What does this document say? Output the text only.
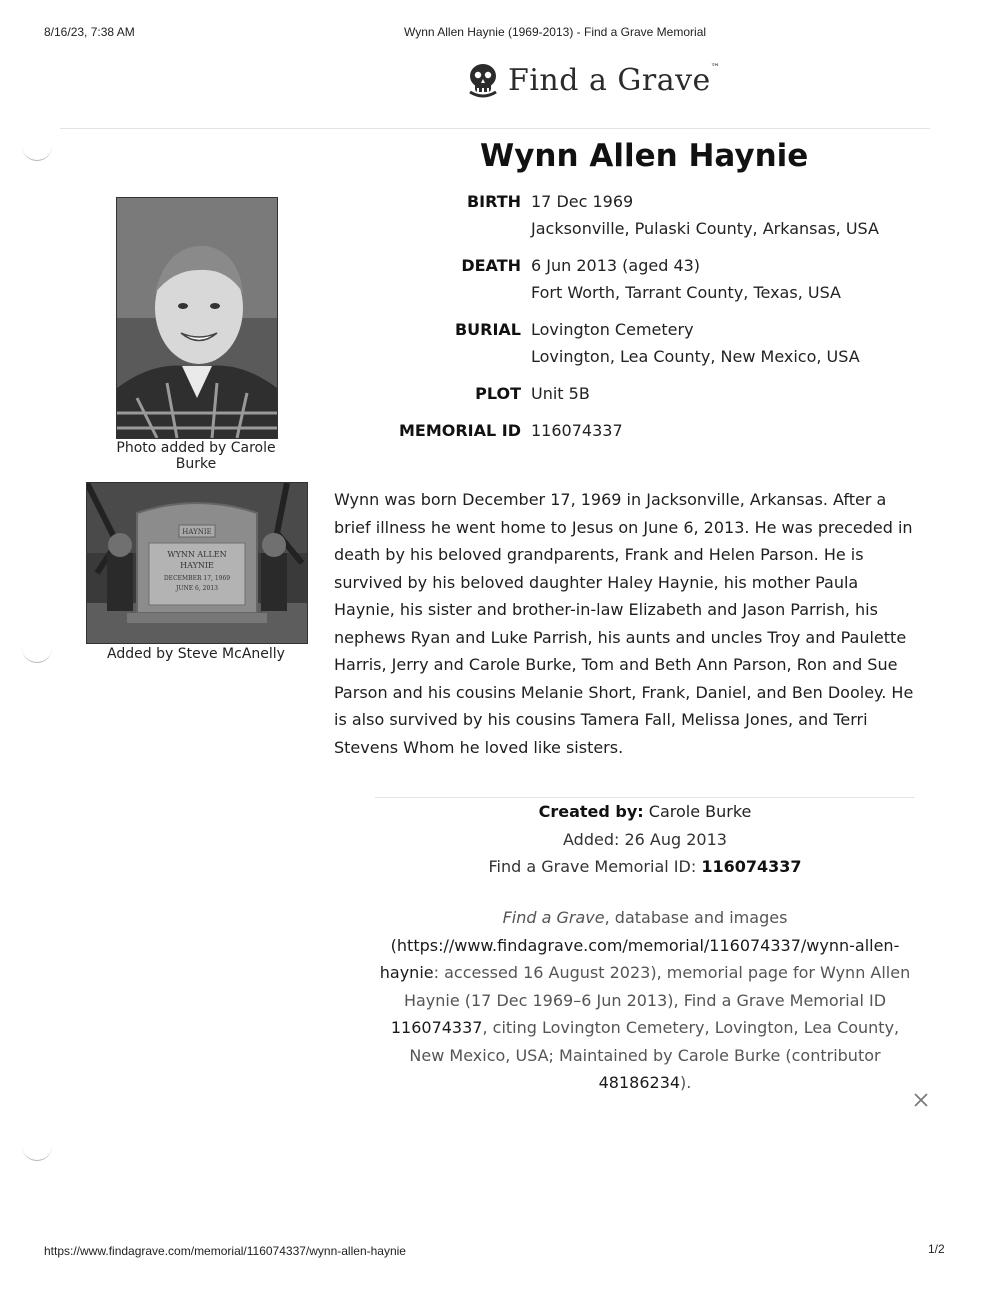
8/16/23, 7:38 AM	Wynn Allen Haynie (1969-2013) - Find a Grave Memorial
Find a Grave™
Wynn Allen Haynie
BIRTH 17 Dec 1969
Jacksonville, Pulaski County, Arkansas, USA
DEATH 6 Jun 2013 (aged 43)
Fort Worth, Tarrant County, Texas, USA
BURIAL Lovington Cemetery
Lovington, Lea County, New Mexico, USA
PLOT Unit 5B
MEMORIAL ID 116074337
Photo added by Carole Burke
HAYNIE
WYNN ALLEN
HAYNIE
DECEMBER 17, 1969
JUNE 6, 2013
Added by Steve McAnelly
Wynn was born December 17, 1969 in Jacksonville, Arkansas. After a brief illness he went home to Jesus on June 6, 2013. He was preceded in death by his beloved grandparents, Frank and Helen Parson. He is survived by his beloved daughter Haley Haynie, his mother Paula Haynie, his sister and brother-in-law Elizabeth and Jason Parrish, his nephews Ryan and Luke Parrish, his aunts and uncles Troy and Paulette Harris, Jerry and Carole Burke, Tom and Beth Ann Parson, Ron and Sue Parson and his cousins Melanie Short, Frank, Daniel, and Ben Dooley. He is also survived by his cousins Tamera Fall, Melissa Jones, and Terri Stevens Whom he loved like sisters.
Created by: Carole Burke
Added: 26 Aug 2013
Find a Grave Memorial ID: 116074337
Find a Grave, database and images
(https://www.findagrave.com/memorial/116074337/wynn-allen-haynie: accessed 16 August 2023), memorial page for Wynn Allen Haynie (17 Dec 1969–6 Jun 2013), Find a Grave Memorial ID 116074337, citing Lovington Cemetery, Lovington, Lea County, New Mexico, USA; Maintained by Carole Burke (contributor 48186234).
https://www.findagrave.com/memorial/116074337/wynn-allen-haynie	1/2
